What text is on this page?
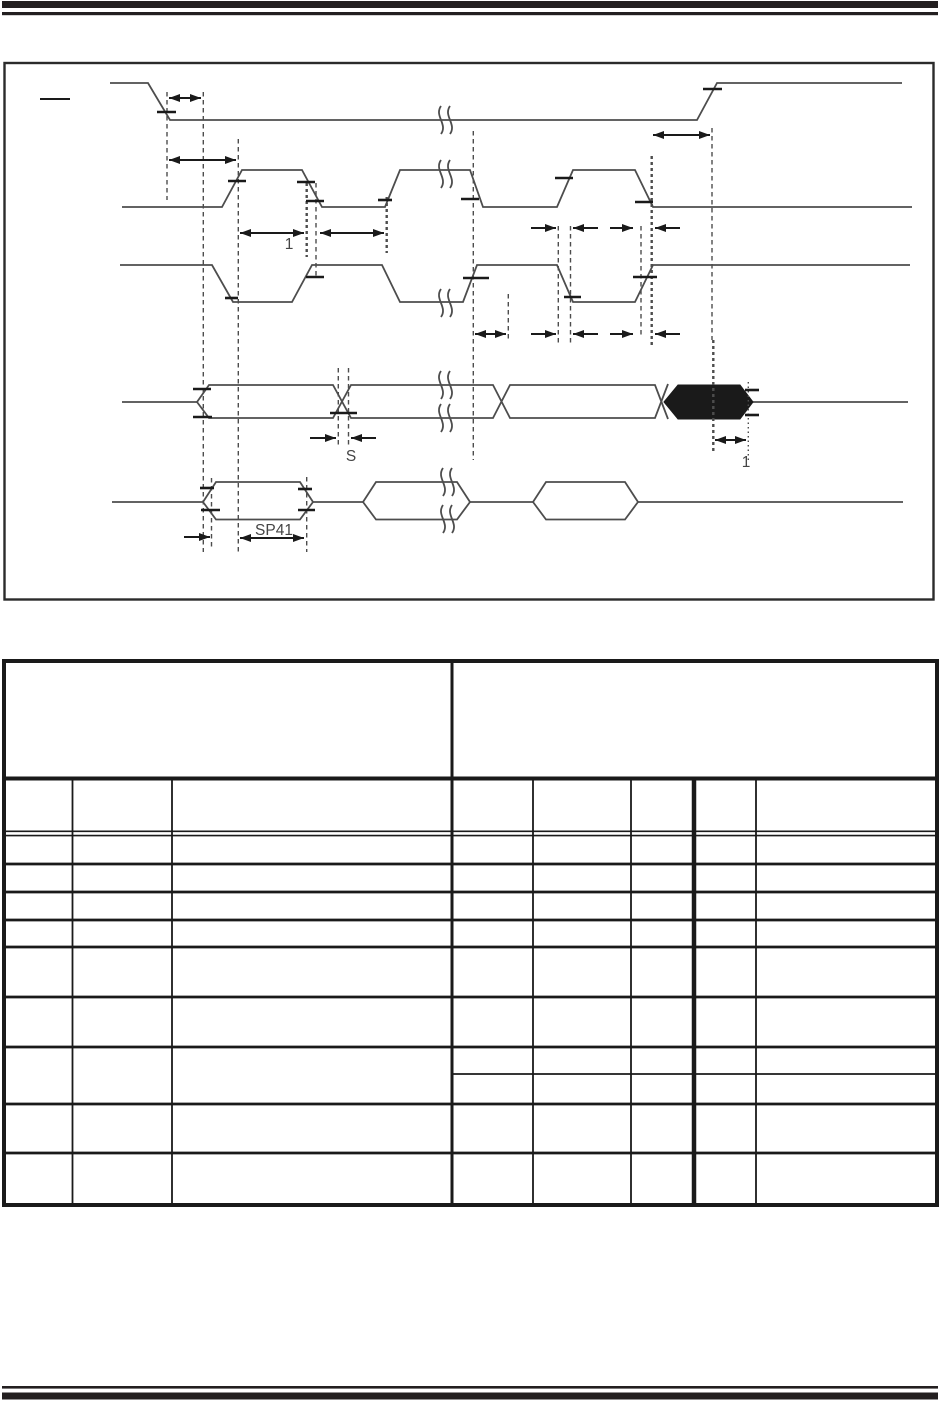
1
S	1
SP41
